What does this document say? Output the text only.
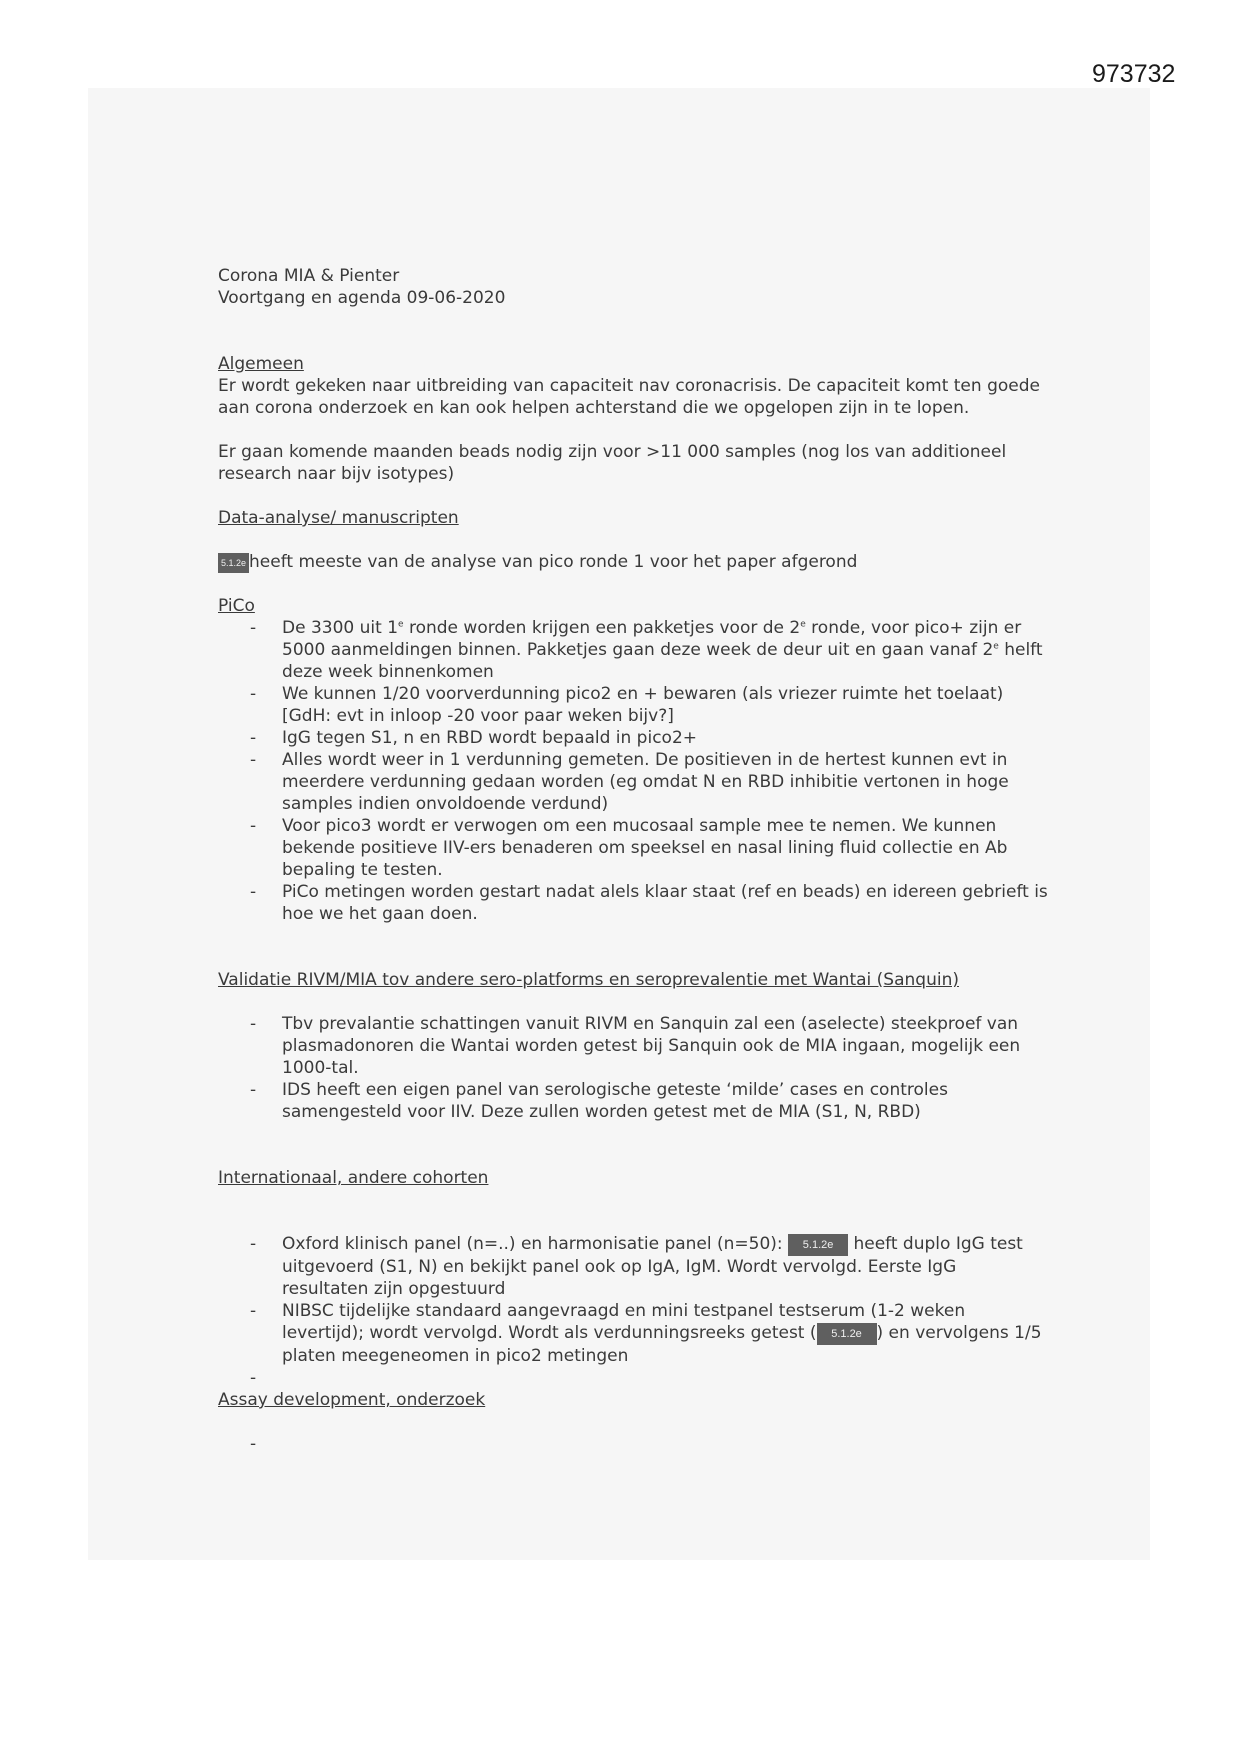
973732

Corona MIA & Pienter

Voortgang en agenda 09-06-2020

Algemeen

Er wordt gekeken naar uitbreiding van capaciteit nav coronacrisis. De capaciteit komt ten goede aan corona onderzoek en kan ook helpen achterstand die we opgelopen zijn in te lopen.

Er gaan komende maanden beads nodig zijn voor >11 000 samples (nog los van additioneel research naar bijv isotypes)

Data-analyse/ manuscripten

5.1.2e heeft meeste van de analyse van pico ronde 1 voor het paper afgerond

PiCo

- De 3300 uit 1e ronde worden krijgen een pakketjes voor de 2e ronde, voor pico+ zijn er 5000 aanmeldingen binnen. Pakketjes gaan deze week de deur uit en gaan vanaf 2e helft deze week binnenkomen
- We kunnen 1/20 voorverdunning pico2 en + bewaren (als vriezer ruimte het toelaat) [GdH: evt in inloop -20 voor paar weken bijv?]
- IgG tegen S1, n en RBD wordt bepaald in pico2+
- Alles wordt weer in 1 verdunning gemeten. De positieven in de hertest kunnen evt in meerdere verdunning gedaan worden (eg omdat N en RBD inhibitie vertonen in hoge samples indien onvoldoende verdund)
- Voor pico3 wordt er verwogen om een mucosaal sample mee te nemen. We kunnen bekende positieve IIV-ers benaderen om speeksel en nasal lining fluid collectie en Ab bepaling te testen.
- PiCo metingen worden gestart nadat alels klaar staat (ref en beads) en idereen gebrieft is hoe we het gaan doen.

Validatie RIVM/MIA tov andere sero-platforms en seroprevalentie met Wantai (Sanquin)

- Tbv prevalantie schattingen vanuit RIVM en Sanquin zal een (aselecte) steekproef van plasmadonoren die Wantai worden getest bij Sanquin ook de MIA ingaan, mogelijk een 1000-tal.
- IDS heeft een eigen panel van serologische geteste ‘milde’ cases en controles samengesteld voor IIV. Deze zullen worden getest met de MIA (S1, N, RBD)

Internationaal, andere cohorten

- Oxford klinisch panel (n=..) en harmonisatie panel (n=50): 5.1.2e heeft duplo IgG test uitgevoerd (S1, N) en bekijkt panel ook op IgA, IgM. Wordt vervolgd. Eerste IgG resultaten zijn opgestuurd
- NIBSC tijdelijke standaard aangevraagd en mini testpanel testserum (1-2 weken levertijd); wordt vervolgd. Wordt als verdunningsreeks getest ( 5.1.2e ) en vervolgens 1/5 platen meegeneomen in pico2 metingen
-

Assay development, onderzoek

-
